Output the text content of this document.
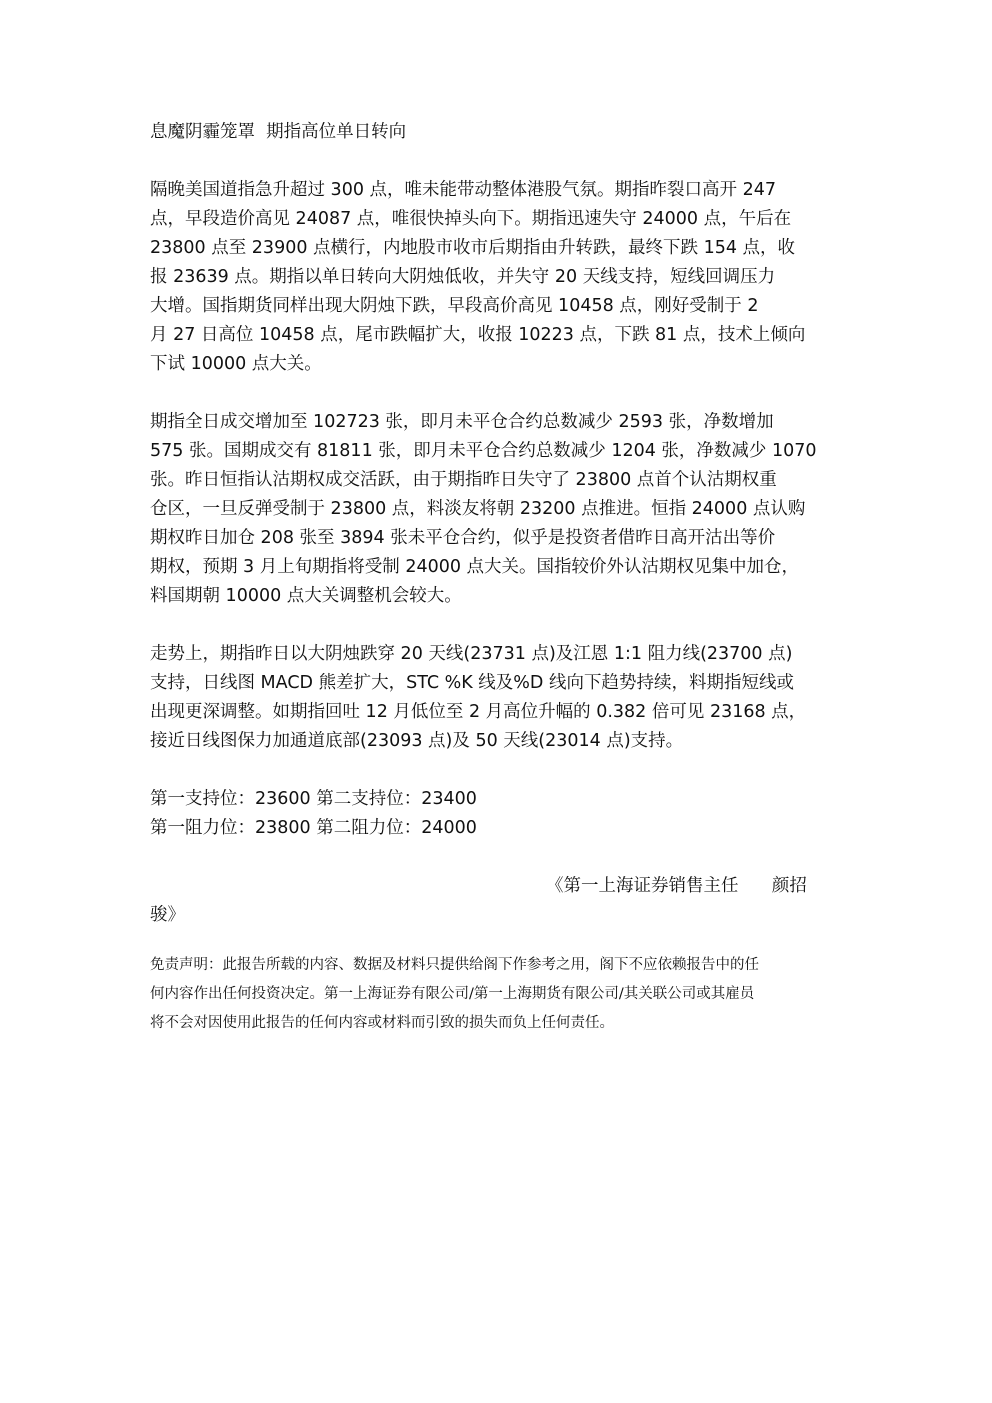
息魔阴霾笼罩  期指高位单日转向

隔晚美国道指急升超过 300 点，唯未能带动整体港股气氛。期指昨裂口高开 247

点，早段造价高见 24087 点，唯很快掉头向下。期指迅速失守 24000 点，午后在

23800 点至 23900 点横行，内地股市收市后期指由升转跌，最终下跌 154 点，收

报 23639 点。期指以单日转向大阴烛低收，并失守 20 天线支持，短线回调压力

大增。国指期货同样出现大阴烛下跌，早段高价高见 10458 点，刚好受制于 2

月 27 日高位 10458 点，尾市跌幅扩大，收报 10223 点，下跌 81 点，技术上倾向

下试 10000 点大关。

期指全日成交增加至 102723 张，即月未平仓合约总数减少 2593 张，净数增加

575 张。国期成交有 81811 张，即月未平仓合约总数减少 1204 张，净数减少 1070

张。昨日恒指认沽期权成交活跃，由于期指昨日失守了 23800 点首个认沽期权重

仓区，一旦反弹受制于 23800 点，料淡友将朝 23200 点推进。恒指 24000 点认购

期权昨日加仓 208 张至 3894 张未平仓合约，似乎是投资者借昨日高开沽出等价

期权，预期 3 月上旬期指将受制 24000 点大关。国指较价外认沽期权见集中加仓，

料国期朝 10000 点大关调整机会较大。

走势上，期指昨日以大阴烛跌穿 20 天线(23731 点)及江恩 1:1 阻力线(23700 点)

支持，日线图 MACD 熊差扩大，STC %K 线及%D 线向下趋势持续，料期指短线或

出现更深调整。如期指回吐 12 月低位至 2 月高位升幅的 0.382 倍可见 23168 点，

接近日线图保力加通道底部(23093 点)及 50 天线(23014 点)支持。

第一支持位：23600 第二支持位：23400

第一阻力位：23800 第二阻力位：24000

《第一上海证券销售主任      颜招
骏》

免责声明：此报告所载的内容、数据及材料只提供给阁下作参考之用，阁下不应依赖报告中的任

何内容作出任何投资决定。第一上海证券有限公司/第一上海期货有限公司/其关联公司或其雇员

将不会对因使用此报告的任何内容或材料而引致的损失而负上任何责任。
